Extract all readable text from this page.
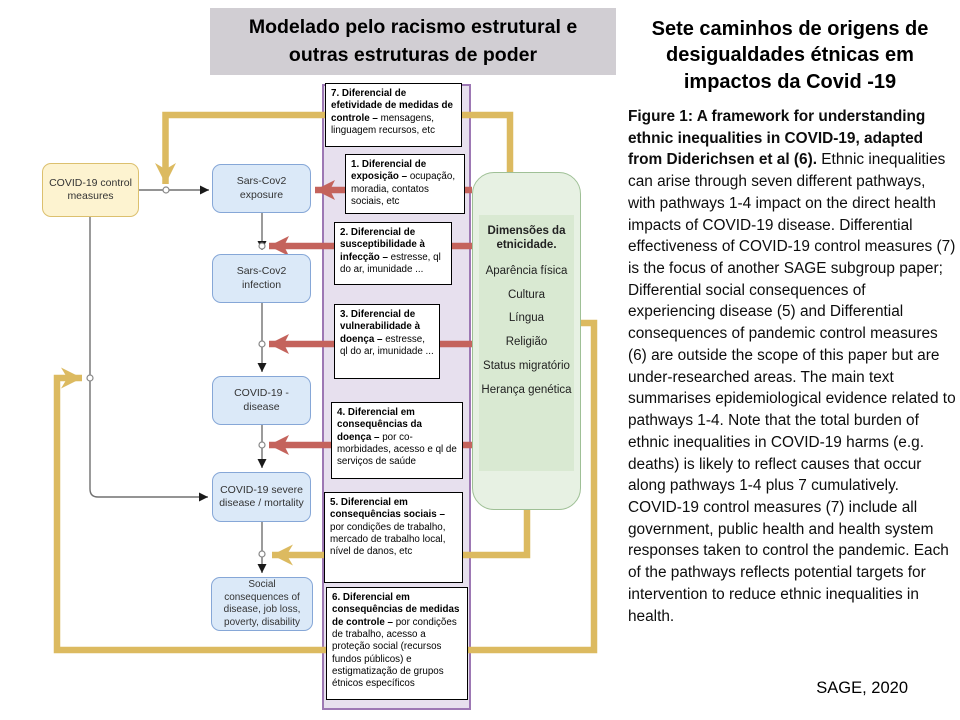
COVID-19 control measures
Sars-Cov2 exposure
Sars-Cov2 infection
COVID-19 -disease
COVID-19 severe disease / mortality
Social consequences of disease, job loss, poverty, disability
7. Diferencial de efetividade de medidas de controle – mensagens, linguagem recursos, etc
1. Diferencial de exposição – ocupação, moradia, contatos sociais, etc
2. Diferencial de susceptibilidade à infecção – estresse, ql do ar, imunidade ...
3. Diferencial de vulnerabilidade à doença – estresse, ql do ar, imunidade ...
4. Diferencial em consequências da doença – por co-morbidades, acesso e ql de serviços de saúde
5. Diferencial em consequências sociais – por condições de trabalho, mercado de trabalho local, nível de danos, etc
6. Diferencial em consequências de medidas de controle – por condições de trabalho, acesso a proteção social (recursos fundos públicos) e estigmatização de grupos étnicos específicos
Dimensões da etnicidade.
Aparência física
Cultura
Língua
Religião
Status migratório
Herança genética
Modelado pelo racismo estrutural e outras estruturas de poder
Sete caminhos de origens de desigualdades étnicas em impactos da Covid -19
Figure 1: A framework for understanding ethnic inequalities in COVID-19, adapted from Diderichsen et al (6). Ethnic inequalities can arise through seven different pathways, with pathways 1-4 impact on the direct health impacts of COVID-19 disease. Differential effectiveness of COVID-19 control measures (7) is the focus of another SAGE subgroup paper; Differential social consequences of experiencing disease (5) and Differential consequences of pandemic control measures (6) are outside the scope of this paper but are under-researched areas. The main text summarises epidemiological evidence related to pathways 1-4. Note that the total burden of ethnic inequalities in COVID-19 harms (e.g. deaths) is likely to reflect causes that occur along pathways 1-4 plus 7 cumulatively. COVID-19 control measures (7) include all government, public health and health system responses taken to control the pandemic. Each of the pathways reflects potential targets for intervention to reduce ethnic inequalities in health.
SAGE, 2020
